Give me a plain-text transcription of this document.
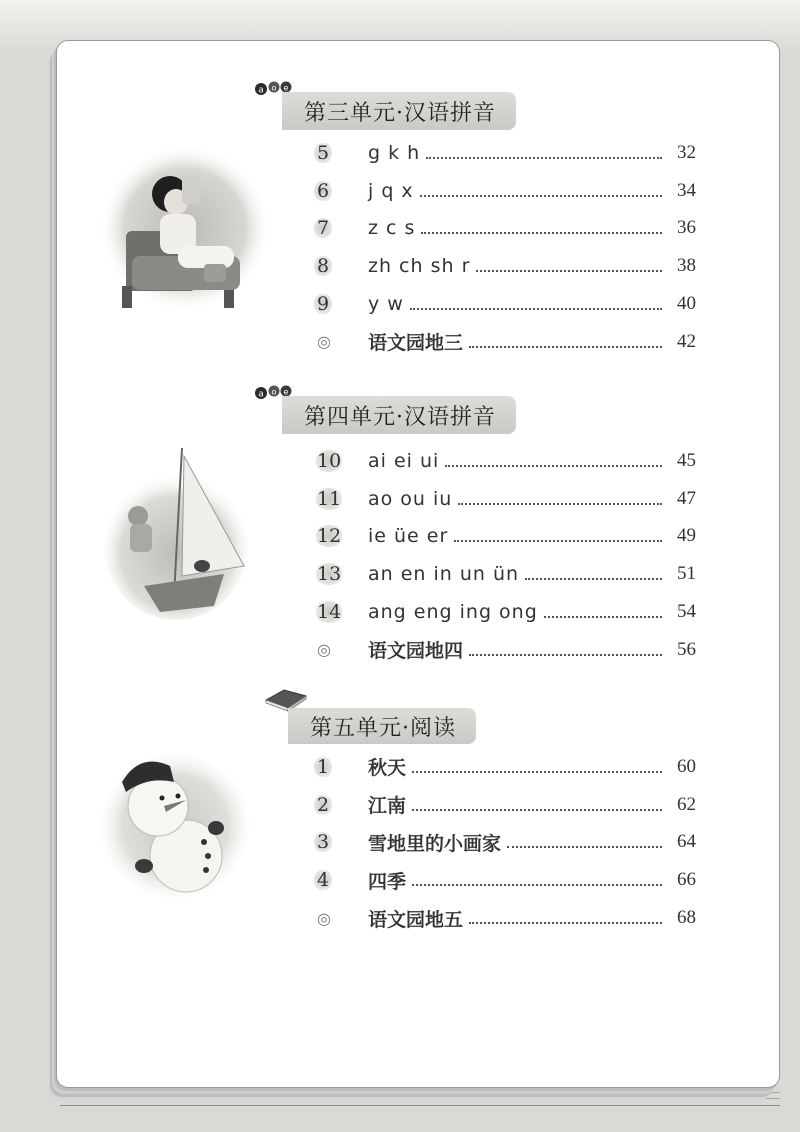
a o e
第三单元·汉语拼音
5	g k h	32
6	j q x	34
7	z c s	36
8	zh ch sh r	38
9	y w	40
◎	语文园地三	42
a o e
第四单元·汉语拼音
10	ai ei ui	45
11	ao ou iu	47
12	ie üe er	49
13	an en in un ün	51
14	ang eng ing ong	54
◎	语文园地四	56
第五单元·阅读
1	秋天	60
2	江南	62
3	雪地里的小画家	64
4	四季	66
◎	语文园地五	68
